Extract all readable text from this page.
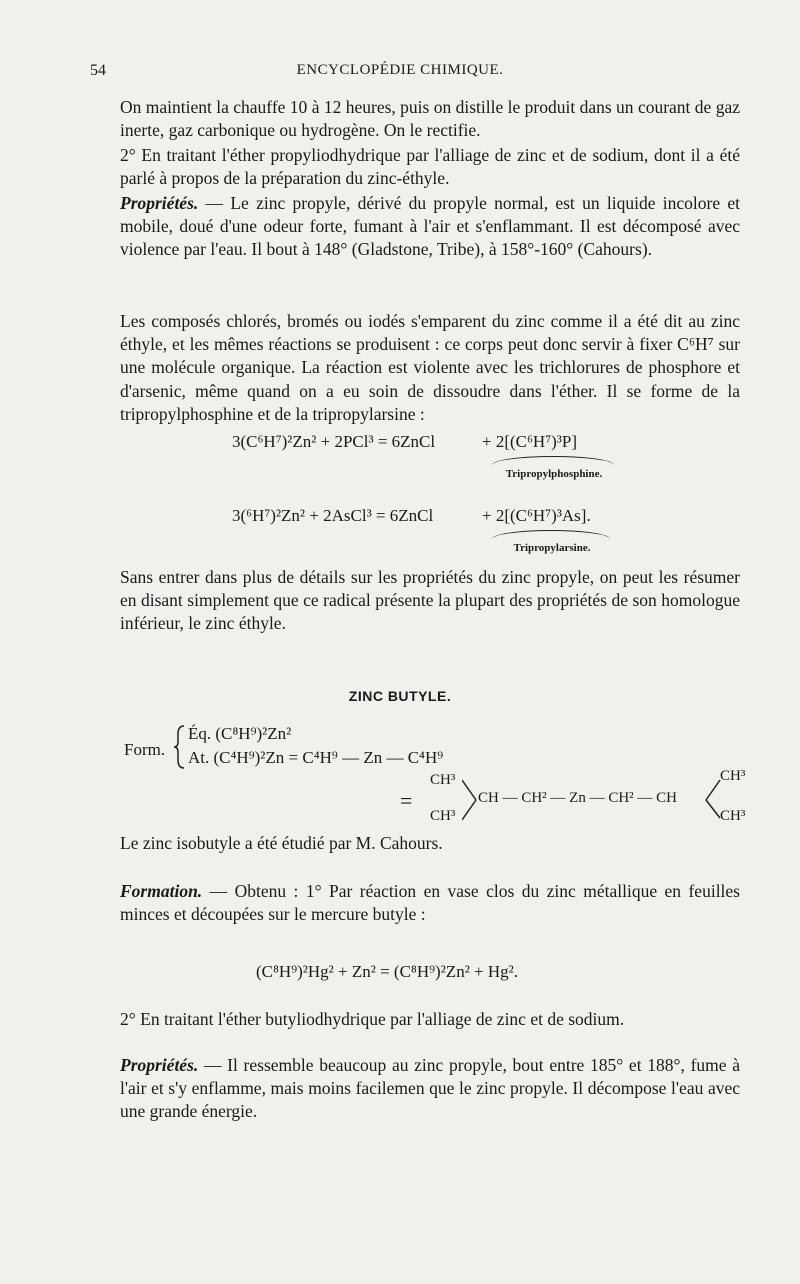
54	ENCYCLOPÉDIE CHIMIQUE.

On maintient la chauffe 10 à 12 heures, puis on distille le produit dans un courant de gaz inerte, gaz carbonique ou hydrogène. On le rectifie.

2° En traitant l'éther propyliodhydrique par l'alliage de zinc et de sodium, dont il a été parlé à propos de la préparation du zinc-éthyle.

Propriétés. — Le zinc propyle, dérivé du propyle normal, est un liquide incolore et mobile, doué d'une odeur forte, fumant à l'air et s'enflammant. Il est décomposé avec violence par l'eau. Il bout à 148° (Gladstone, Tribe), à 158°-160° (Cahours).

Les composés chlorés, bromés ou iodés s'emparent du zinc comme il a été dit au zinc éthyle, et les mêmes réactions se produisent : ce corps peut donc servir à fixer C⁶H⁷ sur une molécule organique. La réaction est violente avec les trichlorures de phosphore et d'arsenic, même quand on a eu soin de dissoudre dans l'éther. Il se forme de la tripropylphosphine et de la tripropylarsine :

3(C⁶H⁷)²Zn² + 2PCl³ = 6ZnCl	+ 2[(C⁶H⁷)³P]
Tripropylphosphine.
3(⁶H⁷)²Zn² + 2AsCl³ = 6ZnCl	+ 2[(C⁶H⁷)³As].
Tripropylarsine.

Sans entrer dans plus de détails sur les propriétés du zinc propyle, on peut les résumer en disant simplement que ce radical présente la plupart des propriétés de son homologue inférieur, le zinc éthyle.

ZINC BUTYLE.
Form.
Éq. (C⁸H⁹)²Zn²
At. (C⁴H⁹)²Zn = C⁴H⁹ — Zn — C⁴H⁹
=
CH³
CH³
CH — CH² — Zn — CH² — CH
CH³
CH³

Le zinc isobutyle a été étudié par M. Cahours.

Formation. — Obtenu : 1° Par réaction en vase clos du zinc métallique en feuilles minces et découpées sur le mercure butyle :

(C⁸H⁹)²Hg² + Zn² = (C⁸H⁹)²Zn² + Hg².

2° En traitant l'éther butyliodhydrique par l'alliage de zinc et de sodium.

Propriétés. — Il ressemble beaucoup au zinc propyle, bout entre 185° et 188°, fume à l'air et s'y enflamme, mais moins facilemen que le zinc propyle. Il décompose l'eau avec une grande énergie.
